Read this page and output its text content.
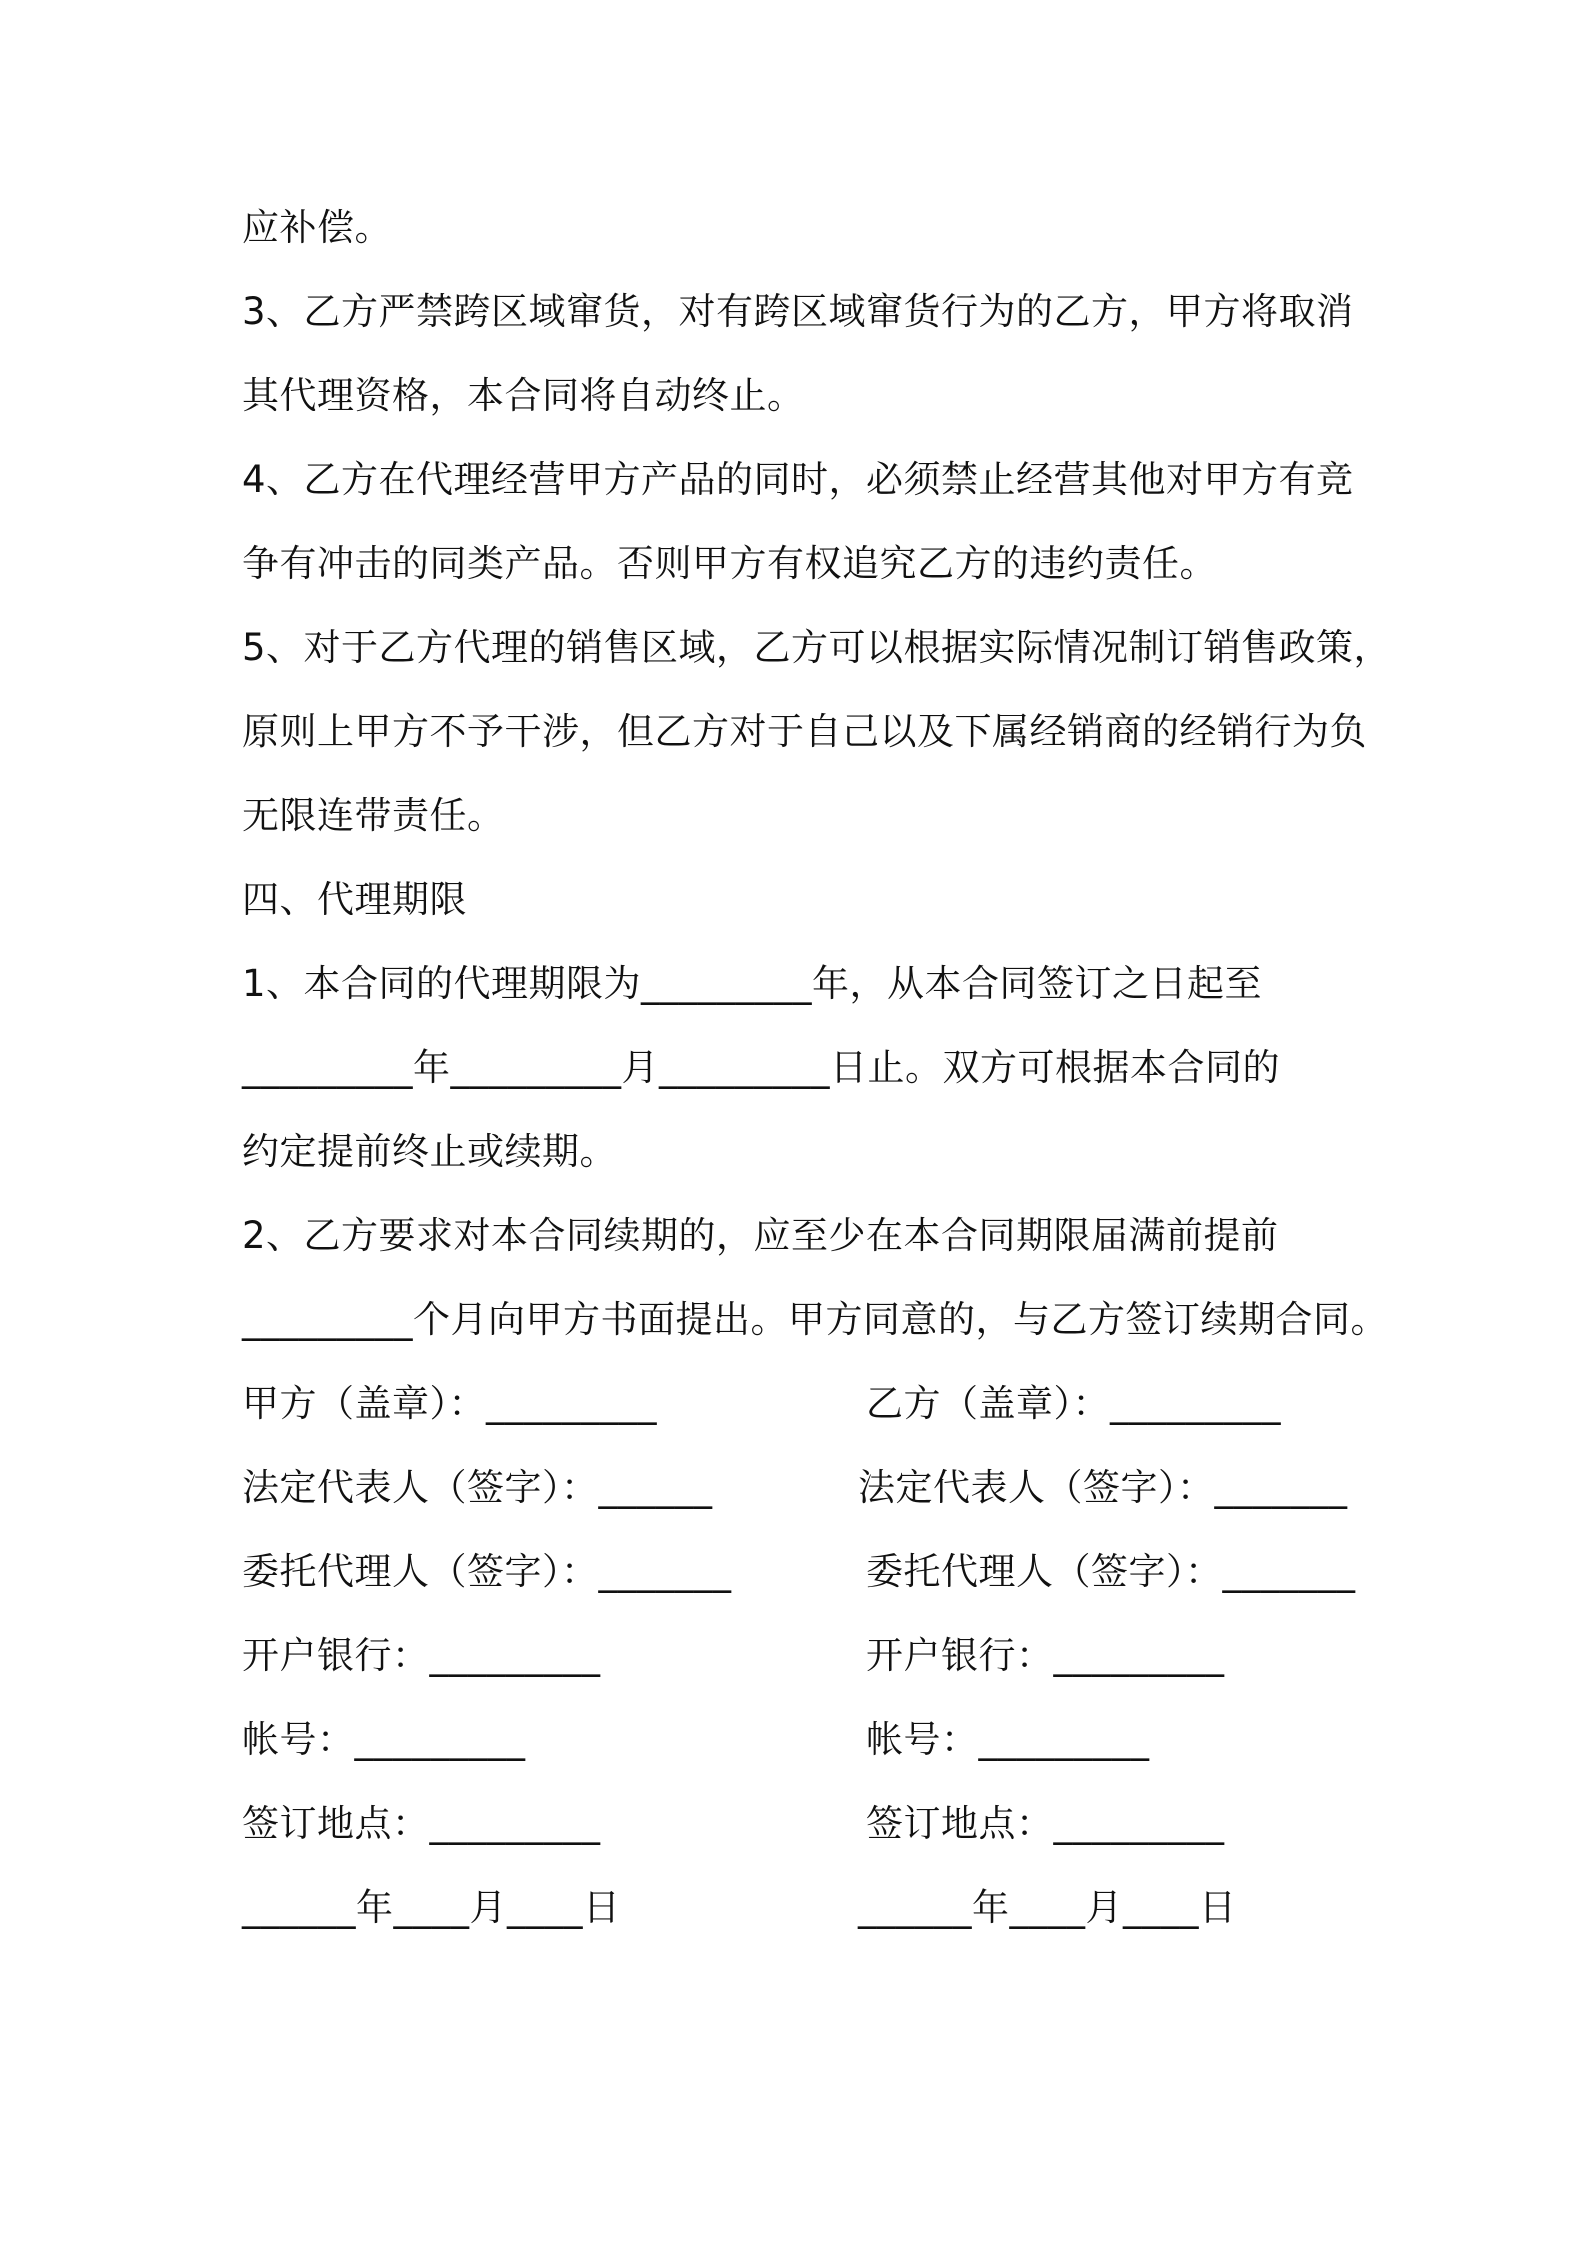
应补偿。
3、乙方严禁跨区域窜货，对有跨区域窜货行为的乙方，甲方将取消
其代理资格，本合同将自动终止。
4、乙方在代理经营甲方产品的同时，必须禁止经营其他对甲方有竞
争有冲击的同类产品。否则甲方有权追究乙方的违约责任。
5、对于乙方代理的销售区域，乙方可以根据实际情况制订销售政策，
原则上甲方不予干涉，但乙方对于自己以及下属经销商的经销行为负
无限连带责任。
四、代理期限
1、本合同的代理期限为_________年，从本合同签订之日起至
_________年_________月_________日止。双方可根据本合同的
约定提前终止或续期。
2、乙方要求对本合同续期的，应至少在本合同期限届满前提前
_________个月向甲方书面提出。甲方同意的，与乙方签订续期合同。
甲方（盖章）：_________	乙方（盖章）：_________
法定代表人（签字）：______	法定代表人（签字）：_______
委托代理人（签字）：_______	委托代理人（签字）：_______
开户银行：_________	开户银行：_________
帐号：_________	帐号：_________
签订地点：_________	签订地点：_________
______年____月____日	______年____月____日
